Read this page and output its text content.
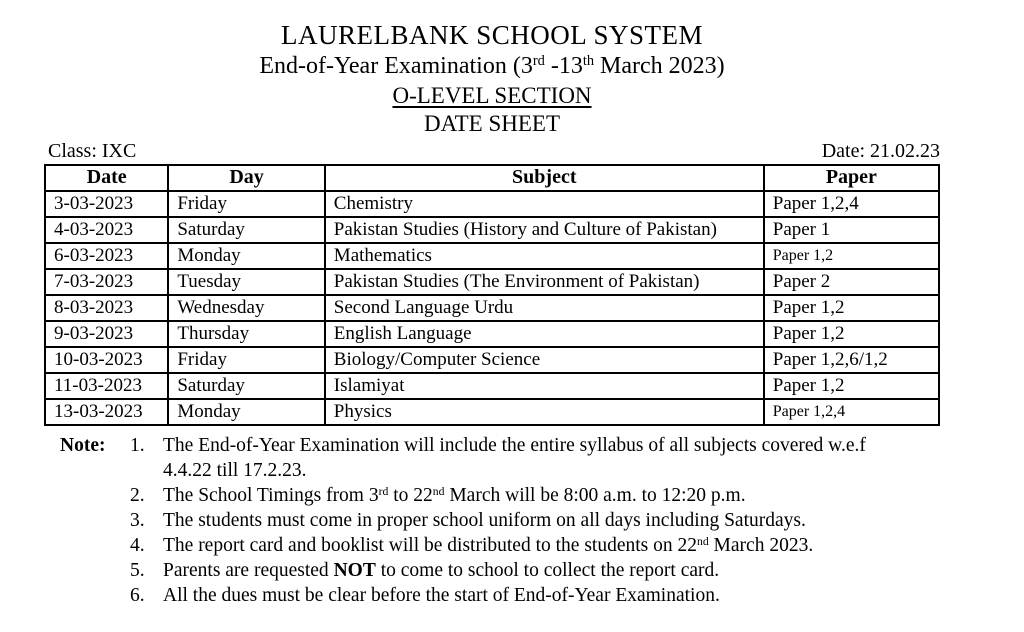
LAURELBANK SCHOOL SYSTEM
End-of-Year Examination (3rd -13th March 2023)
O-LEVEL SECTION
DATE SHEET
Class: IXC	Date: 21.02.23
Date	Day	Subject	Paper
3-03-2023	Friday	Chemistry	Paper 1,2,4
4-03-2023	Saturday	Pakistan Studies (History and Culture of Pakistan)	Paper 1
6-03-2023	Monday	Mathematics	Paper 1,2
7-03-2023	Tuesday	Pakistan Studies (The Environment of Pakistan)	Paper 2
8-03-2023	Wednesday	Second Language Urdu	Paper 1,2
9-03-2023	Thursday	English Language	Paper 1,2
10-03-2023	Friday	Biology/Computer Science	Paper 1,2,6/1,2
11-03-2023	Saturday	Islamiyat	Paper 1,2
13-03-2023	Monday	Physics	Paper 1,2,4
Note:	1. The End-of-Year Examination will include the entire syllabus of all subjects covered w.e.f
4.4.22 till 17.2.23.
2. The School Timings from 3rd to 22nd March will be 8:00 a.m. to 12:20 p.m.
3. The students must come in proper school uniform on all days including Saturdays.
4. The report card and booklist will be distributed to the students on 22nd March 2023.
5. Parents are requested NOT to come to school to collect the report card.
6. All the dues must be clear before the start of End-of-Year Examination.
